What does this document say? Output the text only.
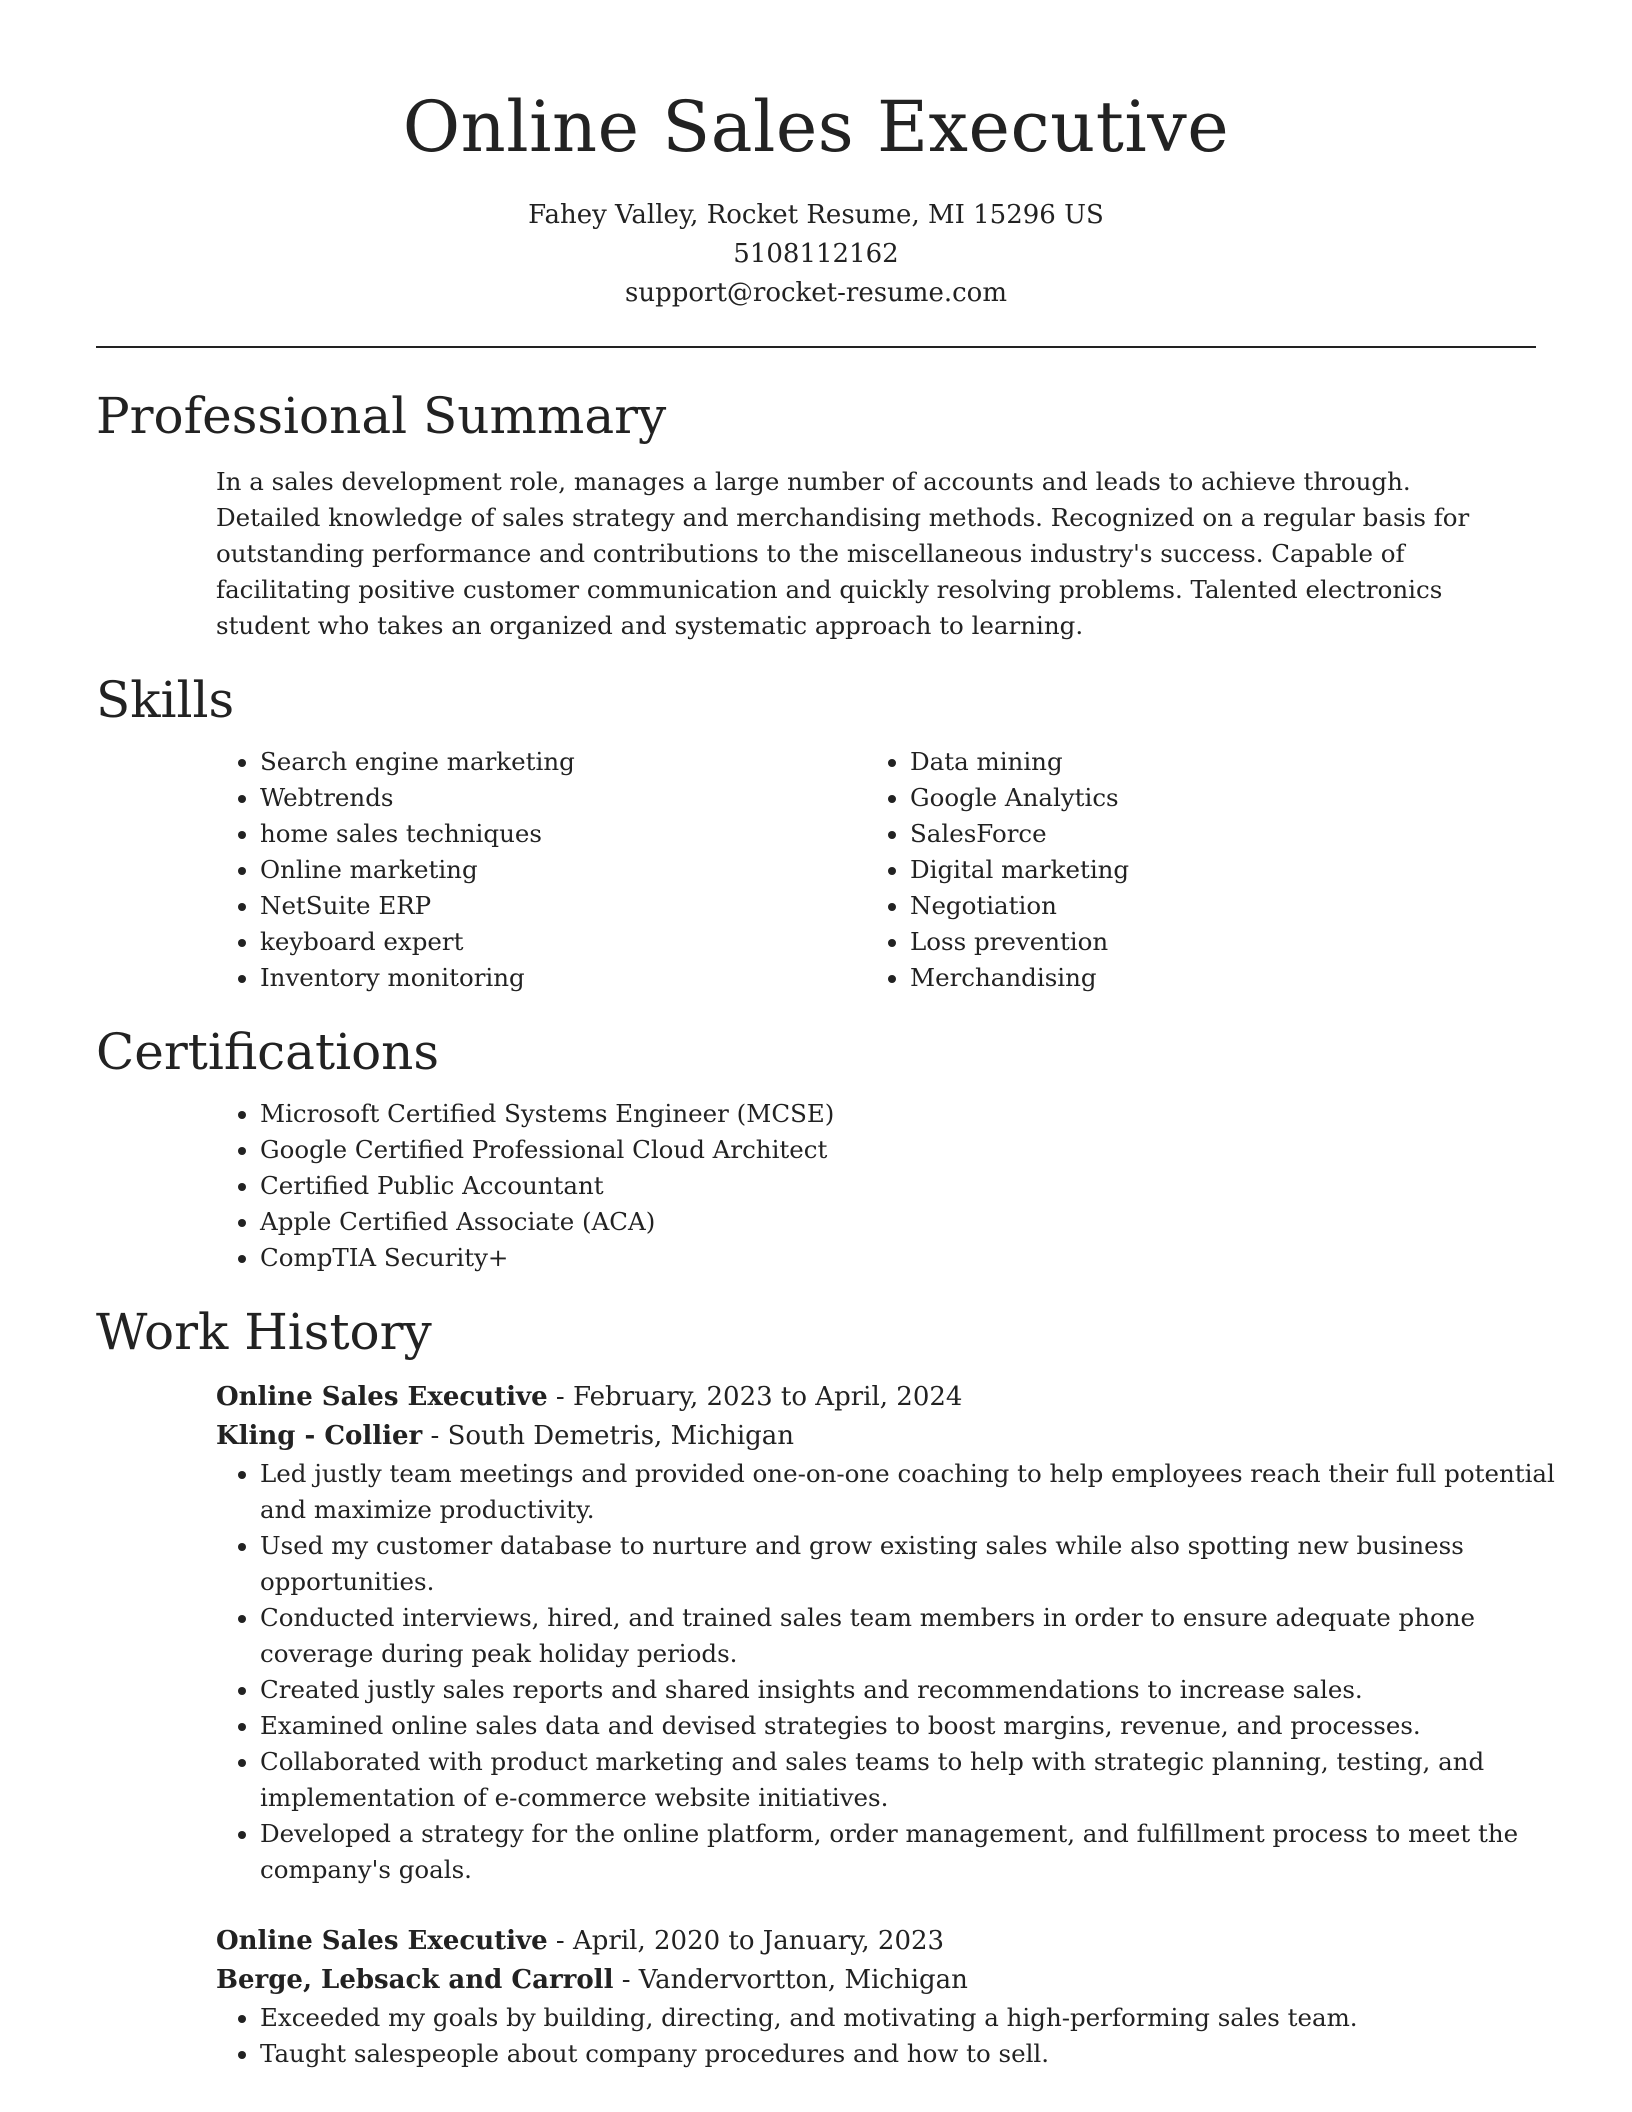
Online Sales Executive
Fahey Valley, Rocket Resume, MI 15296 US
5108112162
support@rocket-resume.com
Professional Summary
In a sales development role, manages a large number of accounts and leads to achieve through. Detailed knowledge of sales strategy and merchandising methods. Recognized on a regular basis for outstanding performance and contributions to the miscellaneous industry's success. Capable of facilitating positive customer communication and quickly resolving problems. Talented electronics student who takes an organized and systematic approach to learning.
Skills
• Search engine marketing
• Webtrends
• home sales techniques
• Online marketing
• NetSuite ERP
• keyboard expert
• Inventory monitoring
• Data mining
• Google Analytics
• SalesForce
• Digital marketing
• Negotiation
• Loss prevention
• Merchandising
Certifications
• Microsoft Certified Systems Engineer (MCSE)
• Google Certified Professional Cloud Architect
• Certified Public Accountant
• Apple Certified Associate (ACA)
• CompTIA Security+
Work History
Online Sales Executive - February, 2023 to April, 2024
Kling - Collier - South Demetris, Michigan
• Led justly team meetings and provided one-on-one coaching to help employees reach their full potential and maximize productivity.
• Used my customer database to nurture and grow existing sales while also spotting new business opportunities.
• Conducted interviews, hired, and trained sales team members in order to ensure adequate phone coverage during peak holiday periods.
• Created justly sales reports and shared insights and recommendations to increase sales.
• Examined online sales data and devised strategies to boost margins, revenue, and processes.
• Collaborated with product marketing and sales teams to help with strategic planning, testing, and implementation of e-commerce website initiatives.
• Developed a strategy for the online platform, order management, and fulfillment process to meet the company's goals.
Online Sales Executive - April, 2020 to January, 2023
Berge, Lebsack and Carroll - Vandervortton, Michigan
• Exceeded my goals by building, directing, and motivating a high-performing sales team.
• Taught salespeople about company procedures and how to sell.
